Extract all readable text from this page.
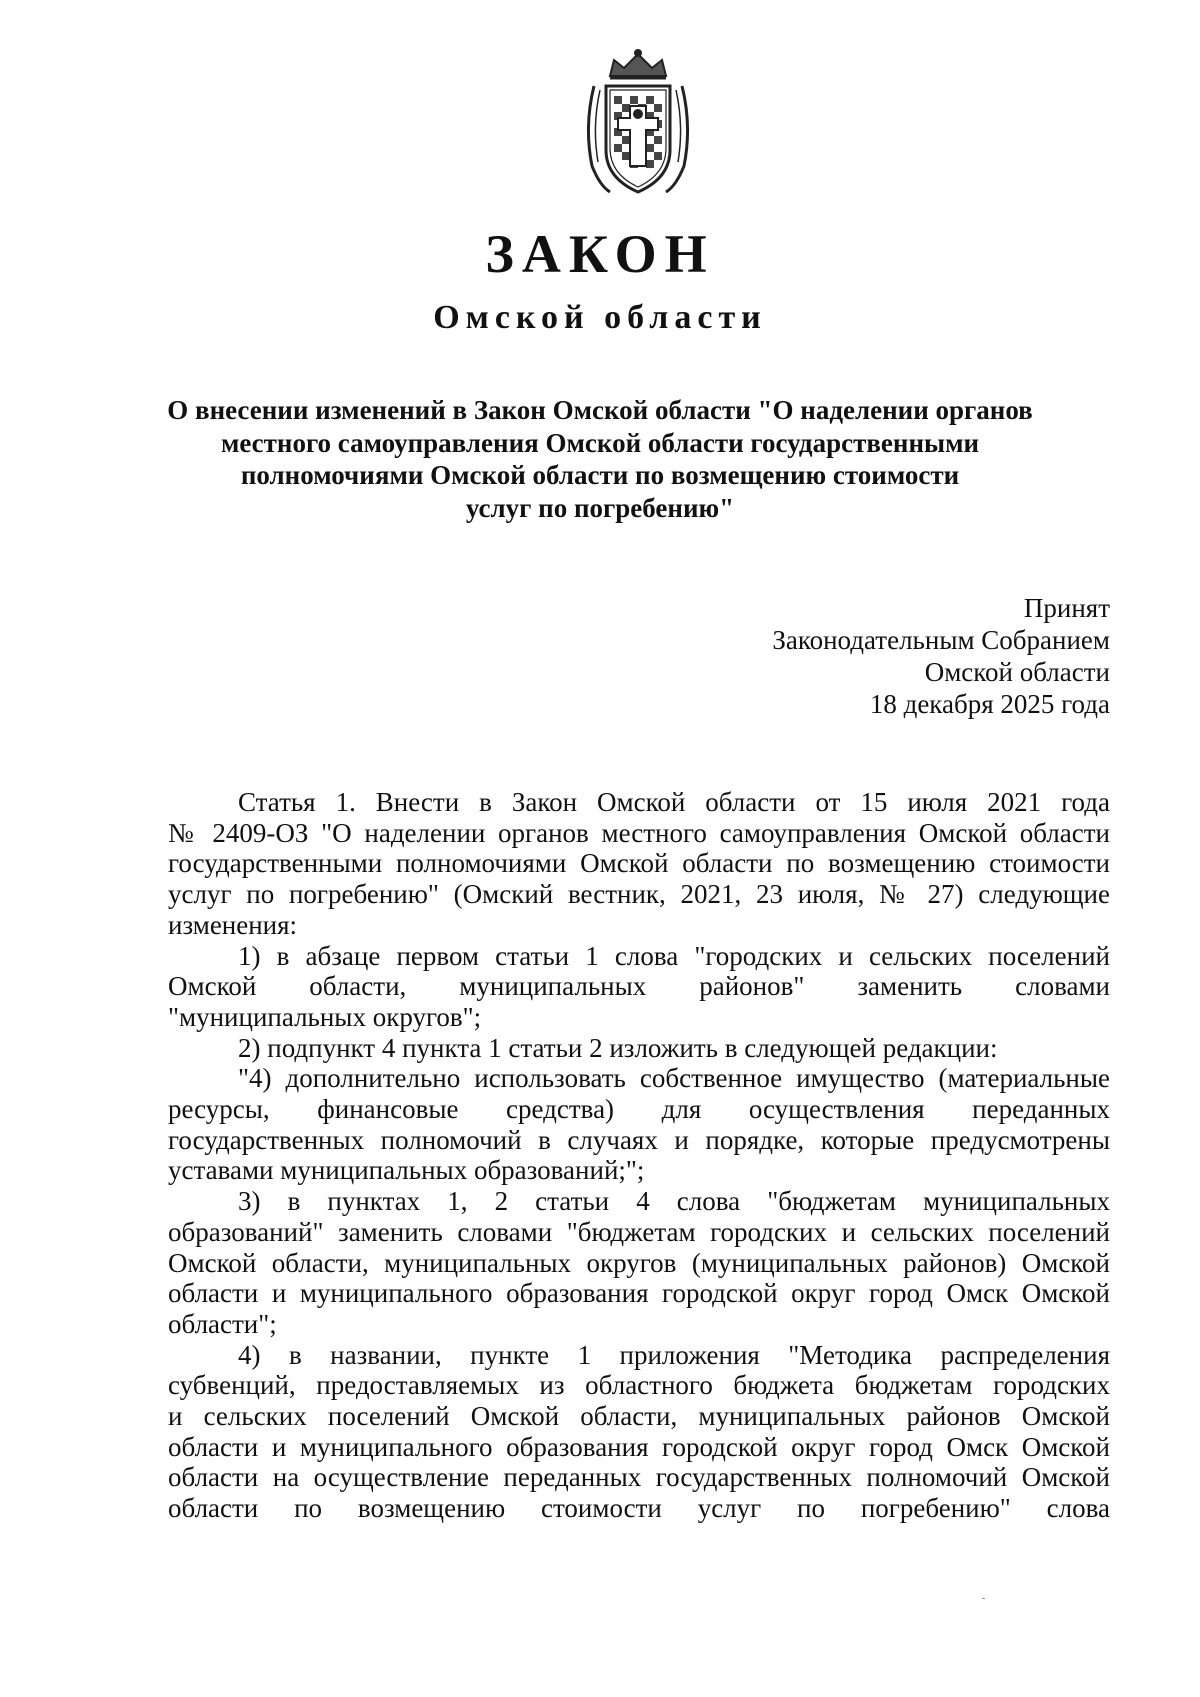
ЗАКОН
Омской области
О внесении изменений в Закон Омской области "О наделении органов
местного самоуправления Омской области государственными
полномочиями Омской области по возмещению стоимости
услуг по погребению"
Принят
Законодательным Собранием
Омской области
18 декабря 2025 года
Статья 1. Внести в Закон Омской области от 15 июля 2021 года
№ 2409-ОЗ "О наделении органов местного самоуправления Омской области
государственными полномочиями Омской области по возмещению стоимости
услуг по погребению" (Омский вестник, 2021, 23 июля, № 27) следующие
изменения:
1) в абзаце первом статьи 1 слова "городских и сельских поселений
Омской области, муниципальных районов" заменить словами
"муниципальных округов";
2) подпункт 4 пункта 1 статьи 2 изложить в следующей редакции:
"4) дополнительно использовать собственное имущество (материальные
ресурсы, финансовые средства) для осуществления переданных
государственных полномочий в случаях и порядке, которые предусмотрены
уставами муниципальных образований;";
3) в пунктах 1, 2 статьи 4 слова "бюджетам муниципальных
образований" заменить словами "бюджетам городских и сельских поселений
Омской области, муниципальных округов (муниципальных районов) Омской
области и муниципального образования городской округ город Омск Омской
области";
4) в названии, пункте 1 приложения "Методика распределения
субвенций, предоставляемых из областного бюджета бюджетам городских
и сельских поселений Омской области, муниципальных районов Омской
области и муниципального образования городской округ город Омск Омской
области на осуществление переданных государственных полномочий Омской
области по возмещению стоимости услуг по погребению" слова
